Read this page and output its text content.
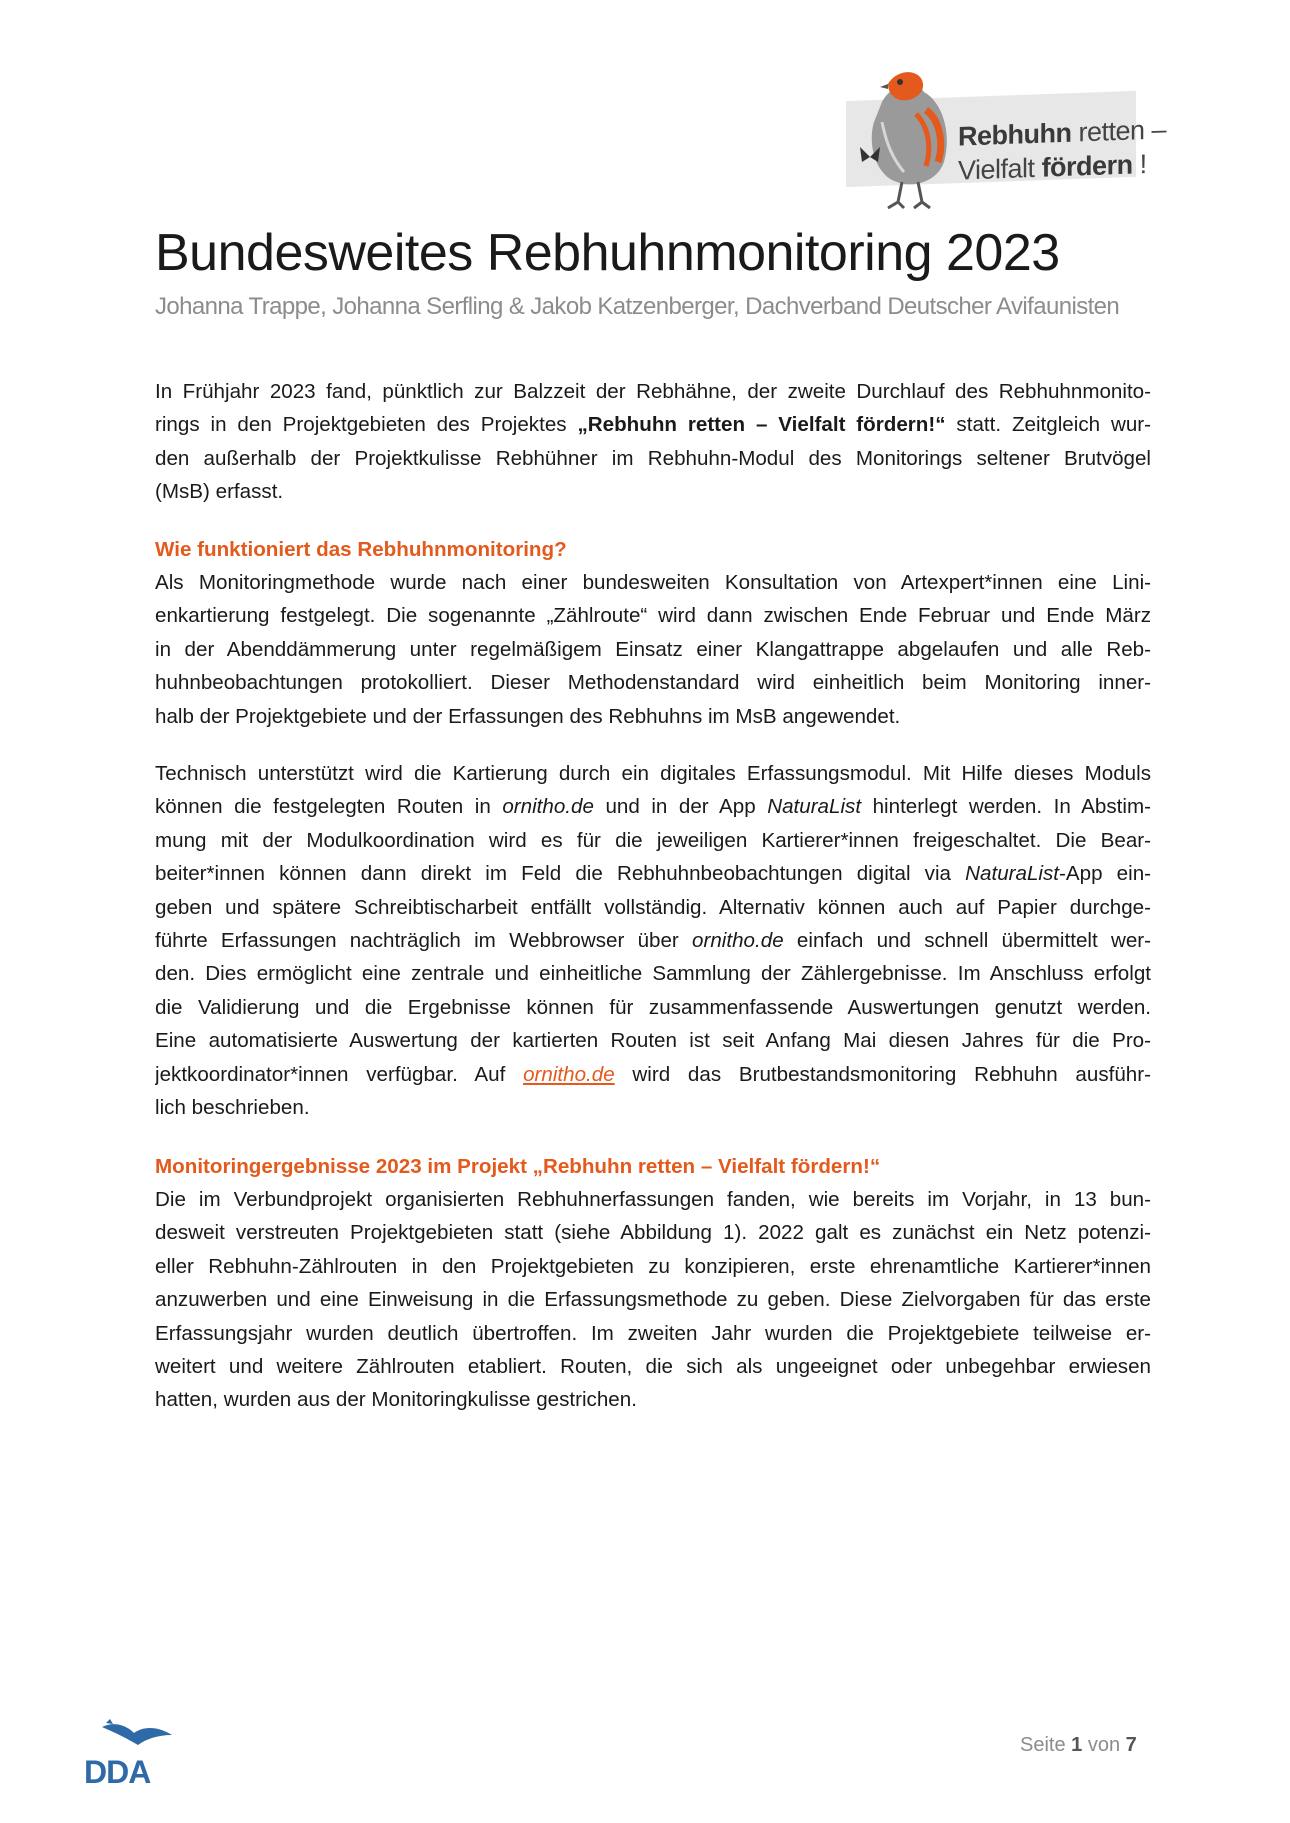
Rebhuhn retten –
Vielfalt fördern !
Bundesweites Rebhuhnmonitoring 2023
Johanna Trappe, Johanna Serfling & Jakob Katzenberger, Dachverband Deutscher Avifaunisten
In Frühjahr 2023 fand, pünktlich zur Balzzeit der Rebhähne, der zweite Durchlauf des Rebhuhnmonito-
rings in den Projektgebieten des Projektes „Rebhuhn retten – Vielfalt fördern!“ statt. Zeitgleich wur-
den außerhalb der Projektkulisse Rebhühner im Rebhuhn-Modul des Monitorings seltener Brutvögel
(MsB) erfasst.
Wie funktioniert das Rebhuhnmonitoring?
Als Monitoringmethode wurde nach einer bundesweiten Konsultation von Artexpert*innen eine Lini-
enkartierung festgelegt. Die sogenannte „Zählroute“ wird dann zwischen Ende Februar und Ende März
in der Abenddämmerung unter regelmäßigem Einsatz einer Klangattrappe abgelaufen und alle Reb-
huhnbeobachtungen protokolliert. Dieser Methodenstandard wird einheitlich beim Monitoring inner-
halb der Projektgebiete und der Erfassungen des Rebhuhns im MsB angewendet.
Technisch unterstützt wird die Kartierung durch ein digitales Erfassungsmodul. Mit Hilfe dieses Moduls
können die festgelegten Routen in ornitho.de und in der App NaturaList hinterlegt werden. In Abstim-
mung mit der Modulkoordination wird es für die jeweiligen Kartierer*innen freigeschaltet. Die Bear-
beiter*innen können dann direkt im Feld die Rebhuhnbeobachtungen digital via NaturaList-App ein-
geben und spätere Schreibtischarbeit entfällt vollständig. Alternativ können auch auf Papier durchge-
führte Erfassungen nachträglich im Webbrowser über ornitho.de einfach und schnell übermittelt wer-
den. Dies ermöglicht eine zentrale und einheitliche Sammlung der Zählergebnisse. Im Anschluss erfolgt
die Validierung und die Ergebnisse können für zusammenfassende Auswertungen genutzt werden.
Eine automatisierte Auswertung der kartierten Routen ist seit Anfang Mai diesen Jahres für die Pro-
jektkoordinator*innen verfügbar. Auf ornitho.de wird das Brutbestandsmonitoring Rebhuhn ausführ-
lich beschrieben.
Monitoringergebnisse 2023 im Projekt „Rebhuhn retten – Vielfalt fördern!“
Die im Verbundprojekt organisierten Rebhuhnerfassungen fanden, wie bereits im Vorjahr, in 13 bun-
desweit verstreuten Projektgebieten statt (siehe Abbildung 1). 2022 galt es zunächst ein Netz potenzi-
eller Rebhuhn-Zählrouten in den Projektgebieten zu konzipieren, erste ehrenamtliche Kartierer*innen
anzuwerben und eine Einweisung in die Erfassungsmethode zu geben. Diese Zielvorgaben für das erste
Erfassungsjahr wurden deutlich übertroffen. Im zweiten Jahr wurden die Projektgebiete teilweise er-
weitert und weitere Zählrouten etabliert. Routen, die sich als ungeeignet oder unbegehbar erwiesen
hatten, wurden aus der Monitoringkulisse gestrichen.
DDA
Seite 1 von 7
